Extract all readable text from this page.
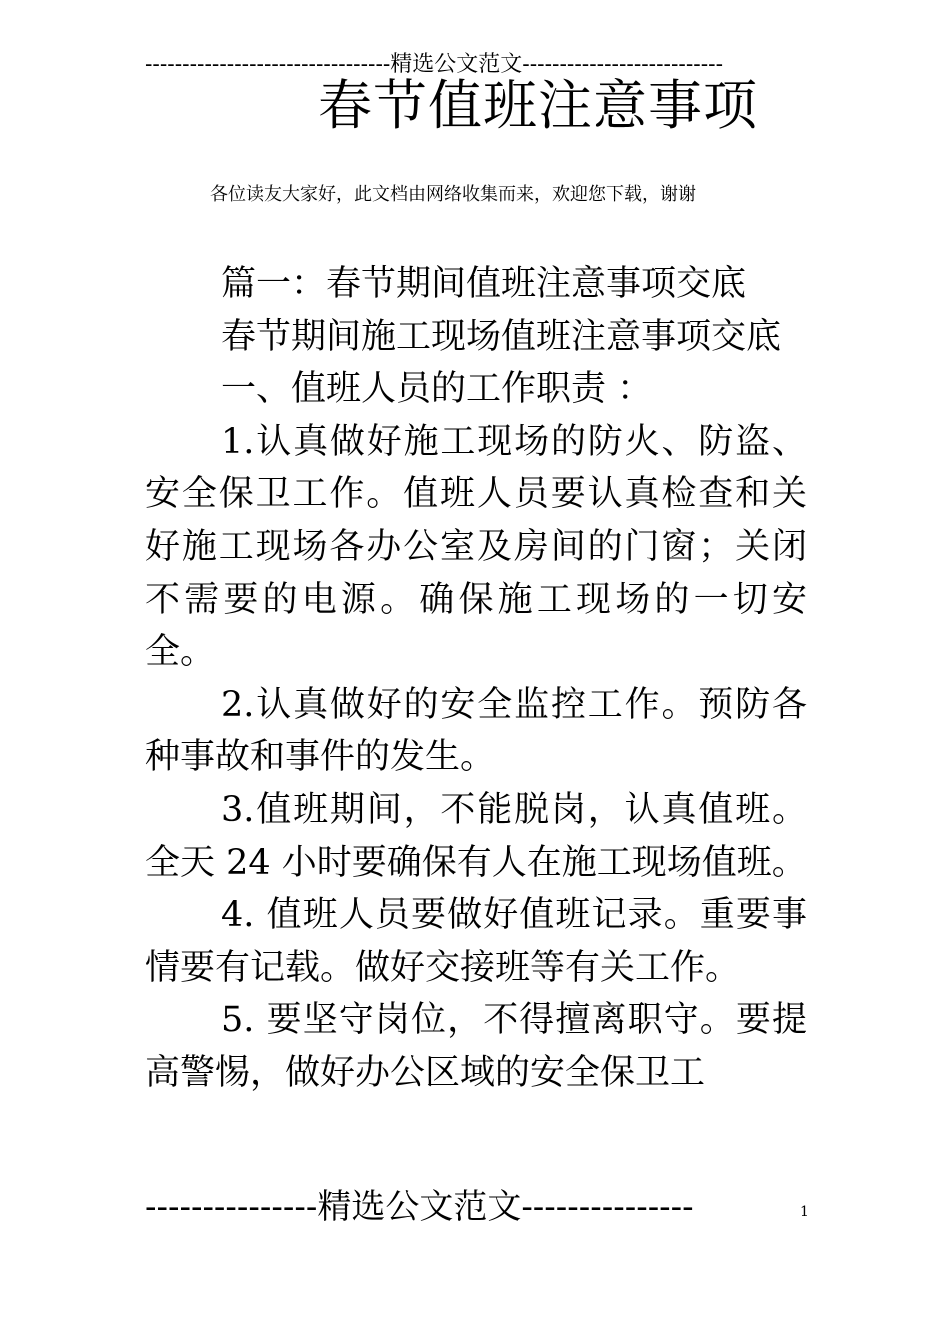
---------------------------------精选公文范文---------------------------
春节值班注意事项
各位读友大家好，此文档由网络收集而来，欢迎您下载，谢谢

篇一：春节期间值班注意事项交底

春节期间施工现场值班注意事项交底

一、值班人员的工作职责 ：

1.认真做好施工现场的防火、防盗、安全保卫工作。值班人员要认真检查和关好施工现场各办公室及房间的门窗；关闭不需要的电源。确保施工现场的一切安全。

2.认真做好的安全监控工作。预防各种事故和事件的发生。

3.值班期间，不能脱岗，认真值班。全天 24 小时要确保有人在施工现场值班。

4. 值班人员要做好值班记录。重要事情要有记载。做好交接班等有关工作。

5. 要坚守岗位，不得擅离职守。要提高警惕，做好办公区域的安全保卫工

---------------精选公文范文---------------	1
